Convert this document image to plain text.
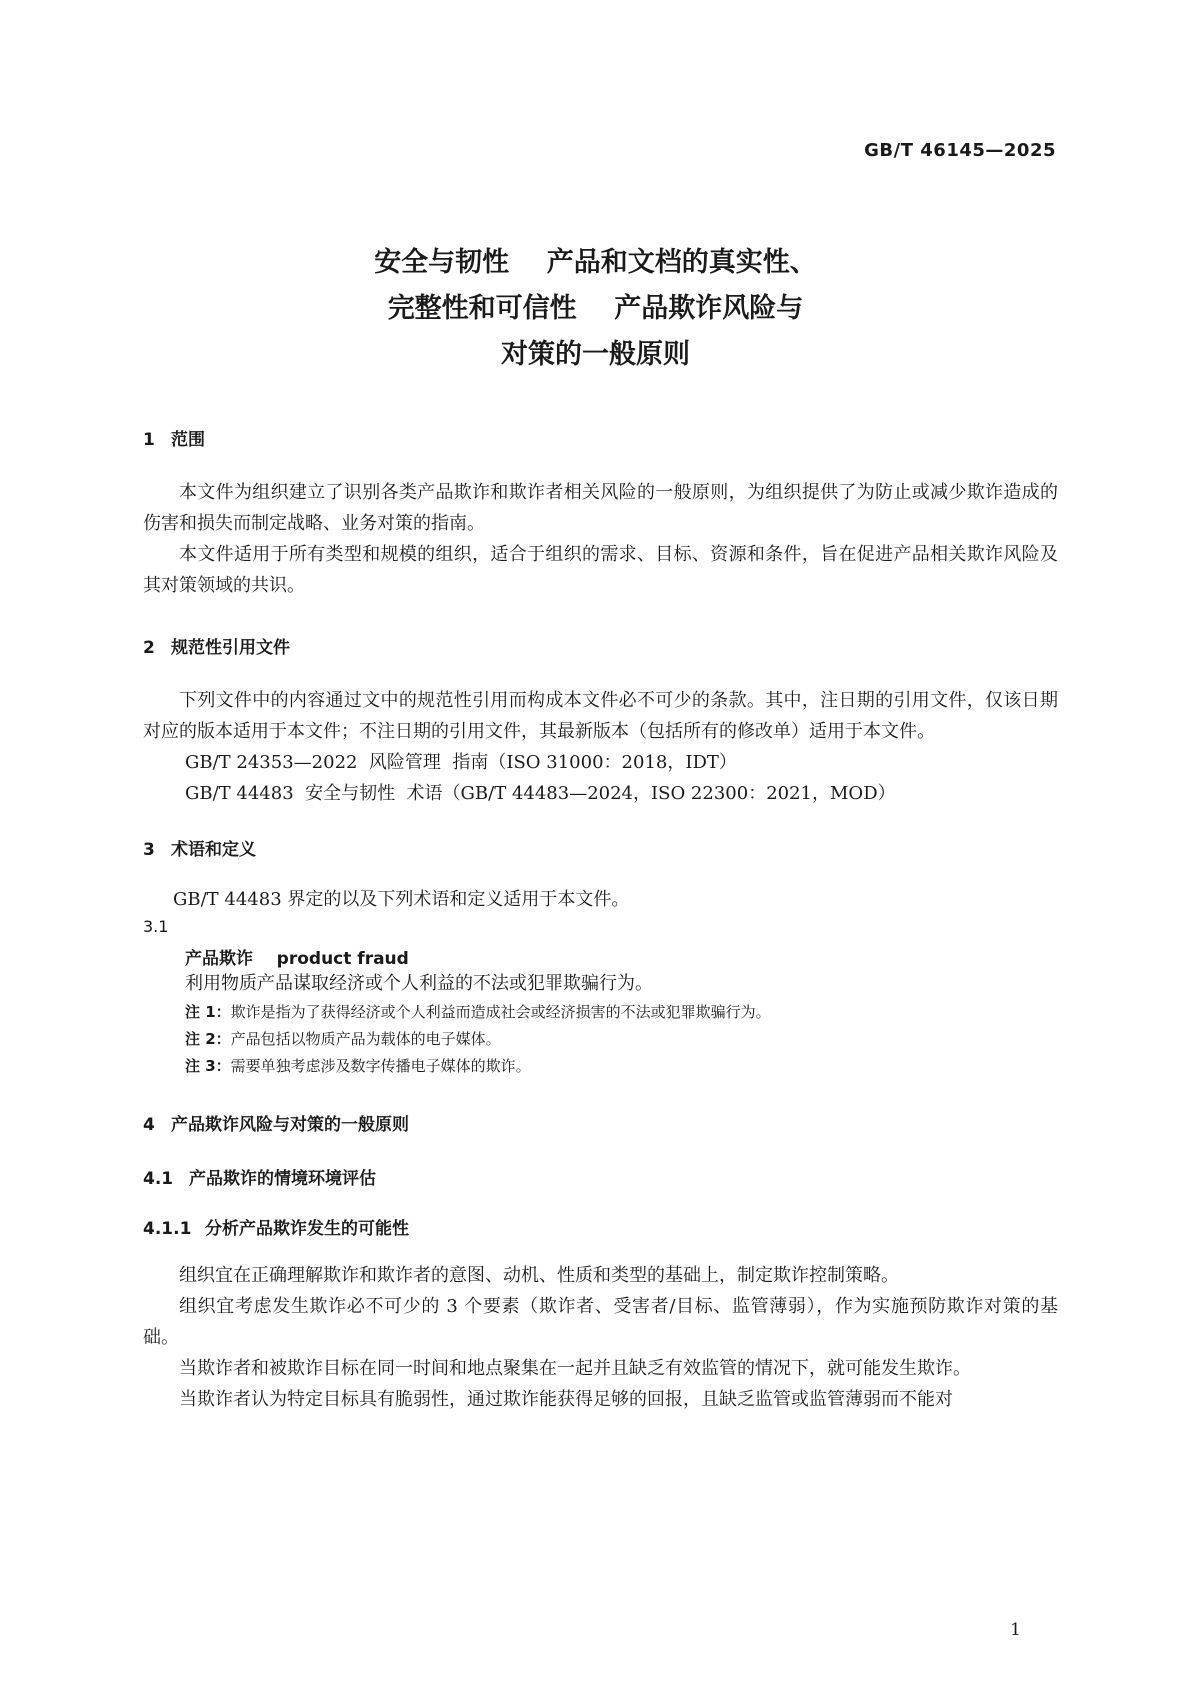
GB/T 46145—2025
安全与韧性    产品和文档的真实性、
完整性和可信性    产品欺诈风险与
对策的一般原则
1 范围

本文件为组织建立了识别各类产品欺诈和欺诈者相关风险的一般原则，为组织提供了为防止或减少欺诈造成的伤害和损失而制定战略、业务对策的指南。

本文件适用于所有类型和规模的组织，适合于组织的需求、目标、资源和条件，旨在促进产品相关欺诈风险及其对策领域的共识。

2 规范性引用文件

下列文件中的内容通过文中的规范性引用而构成本文件必不可少的条款。其中，注日期的引用文件，仅该日期对应的版本适用于本文件；不注日期的引用文件，其最新版本（包括所有的修改单）适用于本文件。

GB/T 24353—2022  风险管理  指南（ISO 31000：2018，IDT）

GB/T 44483  安全与韧性  术语（GB/T 44483—2024，ISO 22300：2021，MOD）

3 术语和定义

GB/T 44483 界定的以及下列术语和定义适用于本文件。

3.1

产品欺诈    product fraud

利用物质产品谋取经济或个人利益的不法或犯罪欺骗行为。

注 1：欺诈是指为了获得经济或个人利益而造成社会或经济损害的不法或犯罪欺骗行为。

注 2：产品包括以物质产品为载体的电子媒体。

注 3：需要单独考虑涉及数字传播电子媒体的欺诈。

4 产品欺诈风险与对策的一般原则
4.1 产品欺诈的情境环境评估
4.1.1 分析产品欺诈发生的可能性

组织宜在正确理解欺诈和欺诈者的意图、动机、性质和类型的基础上，制定欺诈控制策略。

组织宜考虑发生欺诈必不可少的 3 个要素（欺诈者、受害者/目标、监管薄弱），作为实施预防欺诈对策的基础。

当欺诈者和被欺诈目标在同一时间和地点聚集在一起并且缺乏有效监管的情况下，就可能发生欺诈。

当欺诈者认为特定目标具有脆弱性，通过欺诈能获得足够的回报，且缺乏监管或监管薄弱而不能对

1
